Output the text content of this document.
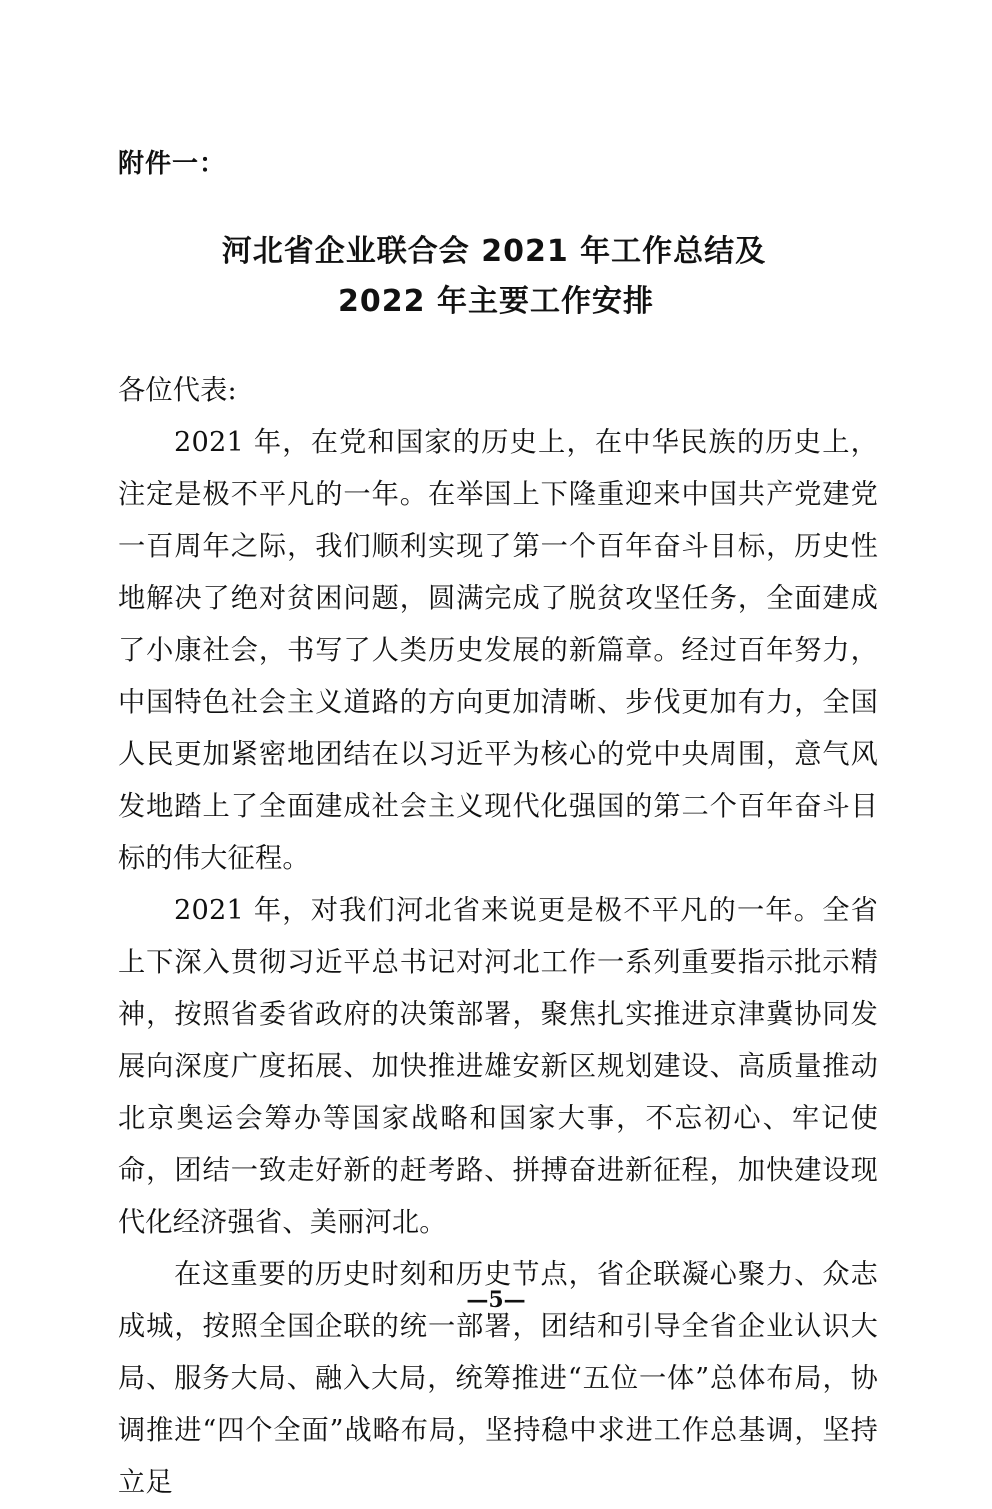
附件一：
河北省企业联合会 2021 年工作总结及
2022 年主要工作安排

各位代表:

2021 年，在党和国家的历史上，在中华民族的历史上，注定是极不平凡的一年。在举国上下隆重迎来中国共产党建党一百周年之际，我们顺利实现了第一个百年奋斗目标，历史性地解决了绝对贫困问题，圆满完成了脱贫攻坚任务，全面建成了小康社会，书写了人类历史发展的新篇章。经过百年努力，中国特色社会主义道路的方向更加清晰、步伐更加有力，全国人民更加紧密地团结在以习近平为核心的党中央周围，意气风发地踏上了全面建成社会主义现代化强国的第二个百年奋斗目标的伟大征程。

2021 年，对我们河北省来说更是极不平凡的一年。全省上下深入贯彻习近平总书记对河北工作一系列重要指示批示精神，按照省委省政府的决策部署，聚焦扎实推进京津冀协同发展向深度广度拓展、加快推进雄安新区规划建设、高质量推动北京奥运会筹办等国家战略和国家大事，不忘初心、牢记使命，团结一致走好新的赶考路、拼搏奋进新征程，加快建设现代化经济强省、美丽河北。

在这重要的历史时刻和历史节点，省企联凝心聚力、众志成城，按照全国企联的统一部署，团结和引导全省企业认识大局、服务大局、融入大局，统筹推进“五位一体”总体布局，协调推进“四个全面”战略布局，坚持稳中求进工作总基调，坚持立足

—5—
